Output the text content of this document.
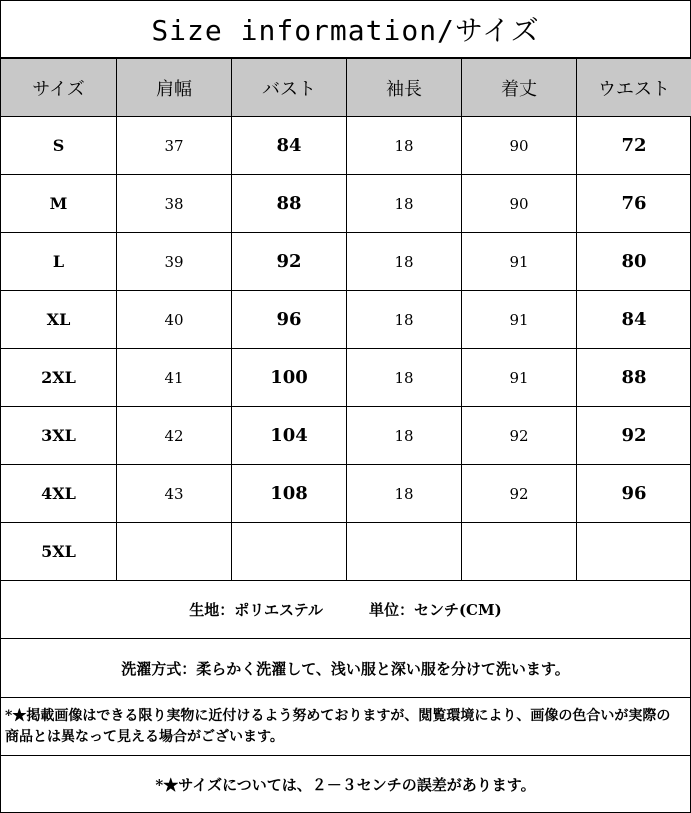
Size information/サイズ
サイズ	肩幅	バスト	袖長	着丈	ウエスト
S	37	84	18	90	72
M	38	88	18	90	76
L	39	92	18	91	80
XL	40	96	18	91	84
2XL	41	100	18	91	88
3XL	42	104	18	92	92
4XL	43	108	18	92	96
5XL					
生地：ポリエステル	単位：センチ(CM)
洗濯方式：柔らかく洗濯して、浅い服と深い服を分けて洗います。
*★掲載画像はできる限り実物に近付けるよう努めておりますが、閲覧環境により、画像の色合いが実際の商品とは異なって見える場合がございます。
*★サイズについては、２－３センチの誤差があります。
